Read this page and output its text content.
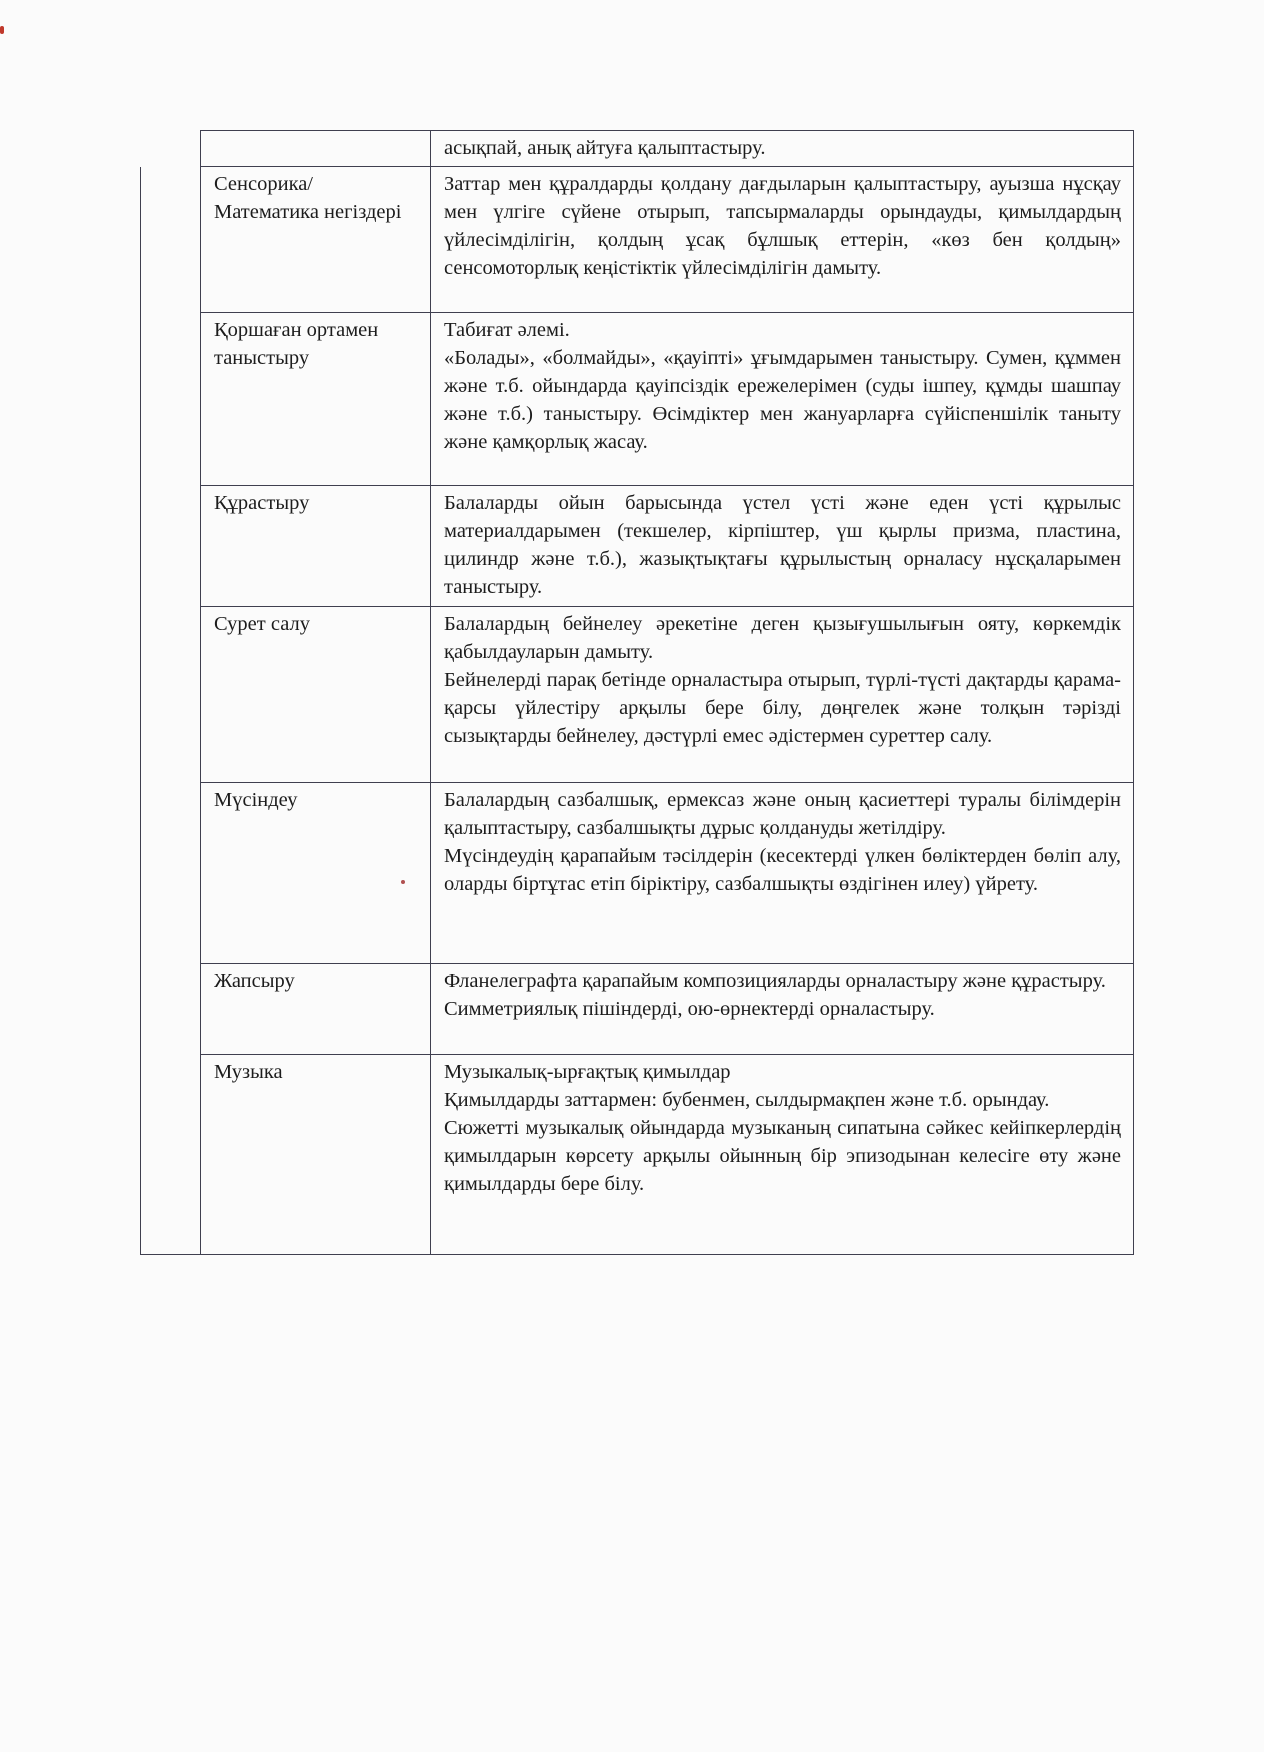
		асықпай, анық айтуға қалыптастыру.

	Сенсорика/ Математика негіздері	Заттар мен құралдарды қолдану дағдыларын қалыптастыру, ауызша нұсқау мен үлгіге сүйене отырып, тапсырмаларды орындауды, қимылдардың үйлесімділігін, қолдың ұсақ бұлшық еттерін, «көз бен қолдың» сенсомоторлық кеңістіктік үйлесімділігін дамыту.

	Қоршаған ортамен таныстыру	Табиғат әлемі.

«Болады», «болмайды», «қауіпті» ұғымдарымен таныстыру. Сумен, құммен және т.б. ойындарда қауіпсіздік ережелерімен (суды ішпеу, құмды шашпау және т.б.) таныстыру. Өсімдіктер мен жануарларға сүйіспеншілік таныту және қамқорлық жасау.

	Құрастыру	Балаларды ойын барысында үстел үсті және еден үсті құрылыс материалдарымен (текшелер, кірпіштер, үш қырлы призма, пластина, цилиндр және т.б.), жазықтықтағы құрылыстың орналасу нұсқаларымен таныстыру.

	Сурет салу	Балалардың бейнелеу әрекетіне деген қызығушылығын ояту, көркемдік қабылдауларын дамыту.

Бейнелерді парақ бетінде орналастыра отырып, түрлі-түсті дақтарды қарама-қарсы үйлестіру арқылы бере білу, дөңгелек және толқын тәрізді сызықтарды бейнелеу, дәстүрлі емес әдістермен суреттер салу.

	Мүсіндеу	Балалардың сазбалшық, ермексаз және оның қасиеттері туралы білімдерін қалыптастыру, сазбалшықты дұрыс қолдануды жетілдіру.

Мүсіндеудің қарапайым тәсілдерін (кесектерді үлкен бөліктерден бөліп алу, оларды біртұтас етіп біріктіру, сазбалшықты өздігінен илеу) үйрету.

	Жапсыру	Фланелеграфта қарапайым композицияларды орналастыру және құрастыру.

Симметриялық пішіндерді, ою-өрнектерді орналастыру.

	Музыка	Музыкалық-ырғақтық қимылдар

Қимылдарды заттармен: бубенмен, сылдырмақпен және т.б. орындау.

Сюжетті музыкалық ойындарда музыканың сипатына сәйкес кейіпкерлердің қимылдарын көрсету арқылы ойынның бір эпизодынан келесіге өту және қимылдарды бере білу.
